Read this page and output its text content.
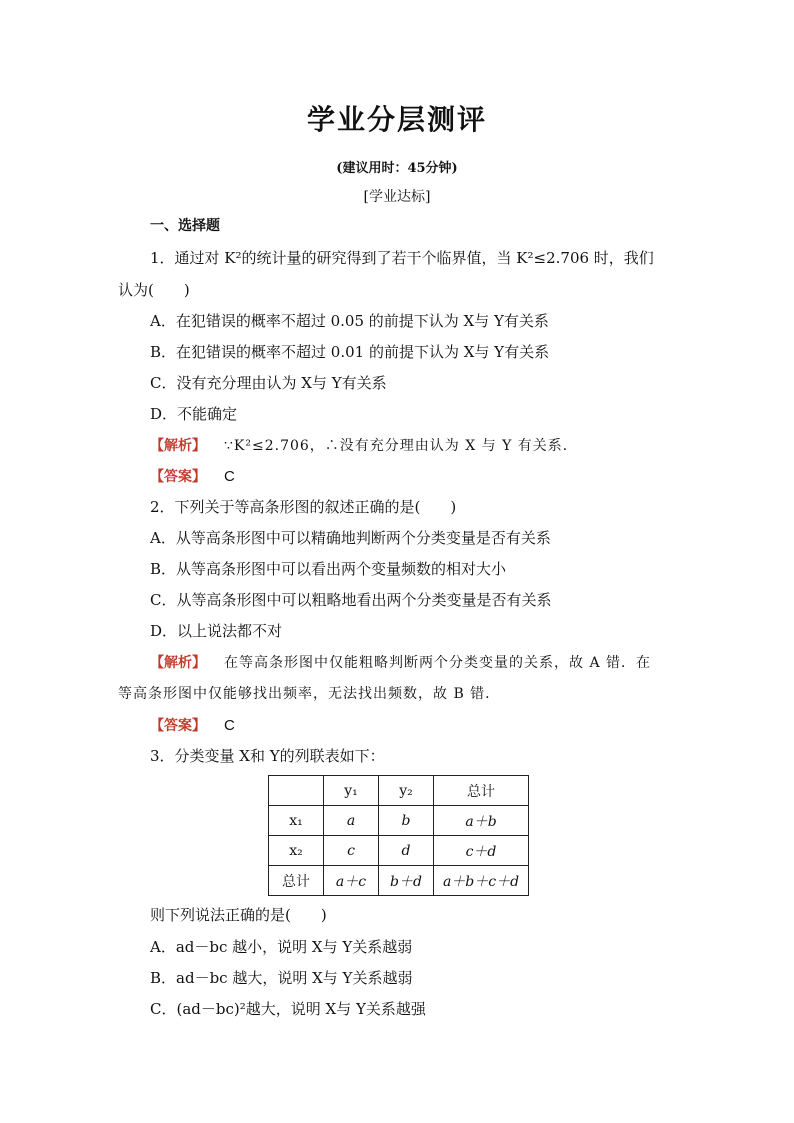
学业分层测评
(建议用时：45分钟)
[学业达标]
一、选择题
1．通过对 K²的统计量的研究得到了若干个临界值，当 K²≤2.706 时，我们
认为(　　)
A．在犯错误的概率不超过 0.05 的前提下认为 X与 Y有关系
B．在犯错误的概率不超过 0.01 的前提下认为 X与 Y有关系
C．没有充分理由认为 X与 Y有关系
D．不能确定
【解析】 ∵K²≤2.706，∴没有充分理由认为 X 与 Y 有关系．
【答案】 C
2．下列关于等高条形图的叙述正确的是(　　)
A．从等高条形图中可以精确地判断两个分类变量是否有关系
B．从等高条形图中可以看出两个变量频数的相对大小
C．从等高条形图中可以粗略地看出两个分类变量是否有关系
D．以上说法都不对
【解析】 在等高条形图中仅能粗略判断两个分类变量的关系，故 A 错．在
等高条形图中仅能够找出频率，无法找出频数，故 B 错．
【答案】 C
3．分类变量 X和 Y的列联表如下：
	y₁	y₂	总计
x₁	a	b	a＋b
x₂	c	d	c＋d
总计	a＋c	b＋d	a＋b＋c＋d
则下列说法正确的是(　　)
A．ad－bc 越小，说明 X与 Y关系越弱
B．ad－bc 越大，说明 X与 Y关系越弱
C．(ad－bc)²越大，说明 X与 Y关系越强
